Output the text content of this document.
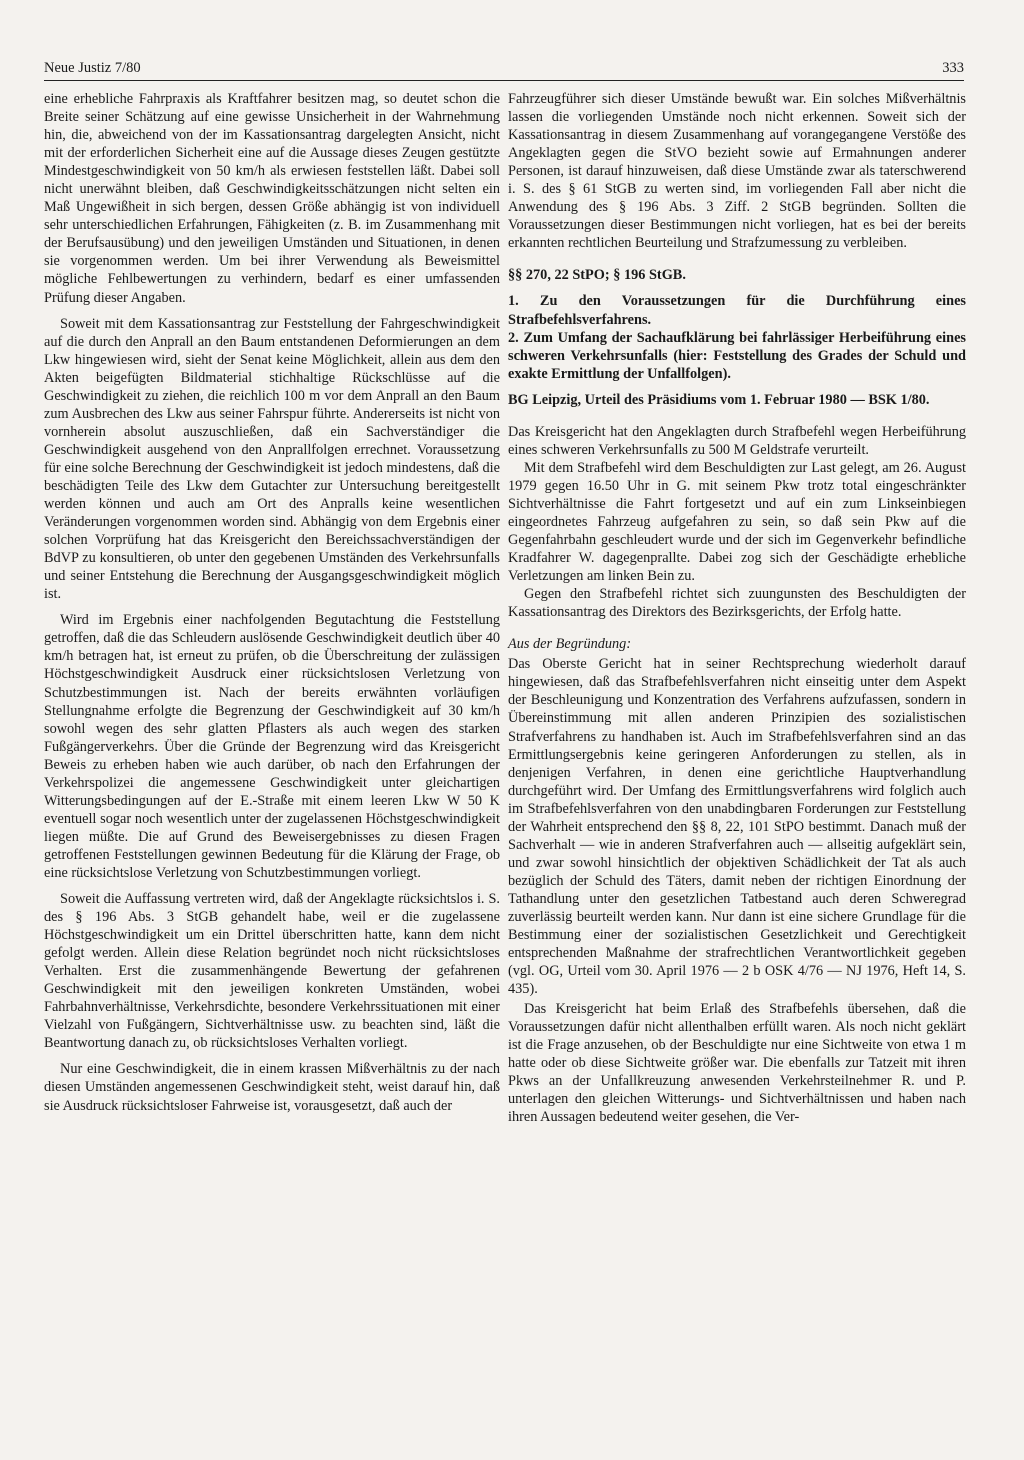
Neue Justiz 7/80	333

eine erhebliche Fahrpraxis als Kraftfahrer besitzen mag, so deutet schon die Breite seiner Schätzung auf eine gewisse Unsicherheit in der Wahrnehmung hin, die, abweichend von der im Kassationsantrag dargelegten Ansicht, nicht mit der erforderlichen Sicherheit eine auf die Aussage dieses Zeugen gestützte Mindestgeschwindigkeit von 50 km/h als erwiesen feststellen läßt. Dabei soll nicht unerwähnt bleiben, daß Geschwindigkeitsschätzungen nicht selten ein Maß Ungewißheit in sich bergen, dessen Größe abhängig ist von individuell sehr unterschiedlichen Erfahrungen, Fähigkeiten (z. B. im Zusammenhang mit der Berufsausübung) und den jeweiligen Umständen und Situationen, in denen sie vorgenommen werden. Um bei ihrer Verwendung als Beweismittel mögliche Fehlbewertungen zu verhindern, bedarf es einer umfassenden Prüfung dieser Angaben.

Soweit mit dem Kassationsantrag zur Feststellung der Fahrgeschwindigkeit auf die durch den Anprall an den Baum entstandenen Deformierungen an dem Lkw hingewiesen wird, sieht der Senat keine Möglichkeit, allein aus dem den Akten beigefügten Bildmaterial stichhaltige Rückschlüsse auf die Geschwindigkeit zu ziehen, die reichlich 100 m vor dem Anprall an den Baum zum Ausbrechen des Lkw aus seiner Fahrspur führte. Andererseits ist nicht von vornherein absolut auszuschließen, daß ein Sachverständiger die Geschwindigkeit ausgehend von den Anprallfolgen errechnet. Voraussetzung für eine solche Berechnung der Geschwindigkeit ist jedoch mindestens, daß die beschädigten Teile des Lkw dem Gutachter zur Untersuchung bereitgestellt werden können und auch am Ort des Anpralls keine wesentlichen Veränderungen vorgenommen worden sind. Abhängig von dem Ergebnis einer solchen Vorprüfung hat das Kreisgericht den Bereichssachverständigen der BdVP zu konsultieren, ob unter den gegebenen Umständen des Verkehrsunfalls und seiner Entstehung die Berechnung der Ausgangsgeschwindigkeit möglich ist.

Wird im Ergebnis einer nachfolgenden Begutachtung die Feststellung getroffen, daß die das Schleudern auslösende Geschwindigkeit deutlich über 40 km/h betragen hat, ist erneut zu prüfen, ob die Überschreitung der zulässigen Höchstgeschwindigkeit Ausdruck einer rücksichtslosen Verletzung von Schutzbestimmungen ist. Nach der bereits erwähnten vorläufigen Stellungnahme erfolgte die Begrenzung der Geschwindigkeit auf 30 km/h sowohl wegen des sehr glatten Pflasters als auch wegen des starken Fußgängerverkehrs. Über die Gründe der Begrenzung wird das Kreisgericht Beweis zu erheben haben wie auch darüber, ob nach den Erfahrungen der Verkehrspolizei die angemessene Geschwindigkeit unter gleichartigen Witterungsbedingungen auf der E.-Straße mit einem leeren Lkw W 50 K eventuell sogar noch wesentlich unter der zugelassenen Höchstgeschwindigkeit liegen müßte. Die auf Grund des Beweisergebnisses zu diesen Fragen getroffenen Feststellungen gewinnen Bedeutung für die Klärung der Frage, ob eine rücksichtslose Verletzung von Schutzbestimmungen vorliegt.

Soweit die Auffassung vertreten wird, daß der Angeklagte rücksichtslos i. S. des § 196 Abs. 3 StGB gehandelt habe, weil er die zugelassene Höchstgeschwindigkeit um ein Drittel überschritten hatte, kann dem nicht gefolgt werden. Allein diese Relation begründet noch nicht rücksichtsloses Verhalten. Erst die zusammenhängende Bewertung der gefahrenen Geschwindigkeit mit den jeweiligen konkreten Umständen, wobei Fahrbahnverhältnisse, Verkehrsdichte, besondere Verkehrssituationen mit einer Vielzahl von Fußgängern, Sichtverhältnisse usw. zu beachten sind, läßt die Beantwortung danach zu, ob rücksichtsloses Verhalten vorliegt.

Nur eine Geschwindigkeit, die in einem krassen Mißverhältnis zu der nach diesen Umständen angemessenen Geschwindigkeit steht, weist darauf hin, daß sie Ausdruck rücksichtsloser Fahrweise ist, vorausgesetzt, daß auch der

Fahrzeugführer sich dieser Umstände bewußt war. Ein solches Mißverhältnis lassen die vorliegenden Umstände noch nicht erkennen. Soweit sich der Kassationsantrag in diesem Zusammenhang auf vorangegangene Verstöße des Angeklagten gegen die StVO bezieht sowie auf Ermahnungen anderer Personen, ist darauf hinzuweisen, daß diese Umstände zwar als taterschwerend i. S. des § 61 StGB zu werten sind, im vorliegenden Fall aber nicht die Anwendung des § 196 Abs. 3 Ziff. 2 StGB begründen. Sollten die Voraussetzungen dieser Bestimmungen nicht vorliegen, hat es bei der bereits erkannten rechtlichen Beurteilung und Strafzumessung zu verbleiben.

§§ 270, 22 StPO; § 196 StGB.
1. Zu den Voraussetzungen für die Durchführung eines Strafbefehlsverfahrens.
2. Zum Umfang der Sachaufklärung bei fahrlässiger Herbeiführung eines schweren Verkehrsunfalls (hier: Feststellung des Grades der Schuld und exakte Ermittlung der Unfallfolgen).
BG Leipzig, Urteil des Präsidiums vom 1. Februar 1980 — BSK 1/80.

Das Kreisgericht hat den Angeklagten durch Strafbefehl wegen Herbeiführung eines schweren Verkehrsunfalls zu 500 M Geldstrafe verurteilt.

Mit dem Strafbefehl wird dem Beschuldigten zur Last gelegt, am 26. August 1979 gegen 16.50 Uhr in G. mit seinem Pkw trotz total eingeschränkter Sichtverhältnisse die Fahrt fortgesetzt und auf ein zum Linkseinbiegen eingeordnetes Fahrzeug aufgefahren zu sein, so daß sein Pkw auf die Gegenfahrbahn geschleudert wurde und der sich im Gegenverkehr befindliche Kradfahrer W. dagegenprallte. Dabei zog sich der Geschädigte erhebliche Verletzungen am linken Bein zu.

Gegen den Strafbefehl richtet sich zuungunsten des Beschuldigten der Kassationsantrag des Direktors des Bezirksgerichts, der Erfolg hatte.

Aus der Begründung:

Das Oberste Gericht hat in seiner Rechtsprechung wiederholt darauf hingewiesen, daß das Strafbefehlsverfahren nicht einseitig unter dem Aspekt der Beschleunigung und Konzentration des Verfahrens aufzufassen, sondern in Übereinstimmung mit allen anderen Prinzipien des sozialistischen Strafverfahrens zu handhaben ist. Auch im Strafbefehlsverfahren sind an das Ermittlungsergebnis keine geringeren Anforderungen zu stellen, als in denjenigen Verfahren, in denen eine gerichtliche Hauptverhandlung durchgeführt wird. Der Umfang des Ermittlungsverfahrens wird folglich auch im Strafbefehlsverfahren von den unabdingbaren Forderungen zur Feststellung der Wahrheit entsprechend den §§ 8, 22, 101 StPO bestimmt. Danach muß der Sachverhalt — wie in anderen Strafverfahren auch — allseitig aufgeklärt sein, und zwar sowohl hinsichtlich der objektiven Schädlichkeit der Tat als auch bezüglich der Schuld des Täters, damit neben der richtigen Einordnung der Tathandlung unter den gesetzlichen Tatbestand auch deren Schweregrad zuverlässig beurteilt werden kann. Nur dann ist eine sichere Grundlage für die Bestimmung einer der sozialistischen Gesetzlichkeit und Gerechtigkeit entsprechenden Maßnahme der strafrechtlichen Verantwortlichkeit gegeben (vgl. OG, Urteil vom 30. April 1976 — 2 b OSK 4/76 — NJ 1976, Heft 14, S. 435).

Das Kreisgericht hat beim Erlaß des Strafbefehls übersehen, daß die Voraussetzungen dafür nicht allenthalben erfüllt waren. Als noch nicht geklärt ist die Frage anzusehen, ob der Beschuldigte nur eine Sichtweite von etwa 1 m hatte oder ob diese Sichtweite größer war. Die ebenfalls zur Tatzeit mit ihren Pkws an der Unfallkreuzung anwesenden Verkehrsteilnehmer R. und P. unterlagen den gleichen Witterungs- und Sichtverhältnissen und haben nach ihren Aussagen bedeutend weiter gesehen, die Ver-
